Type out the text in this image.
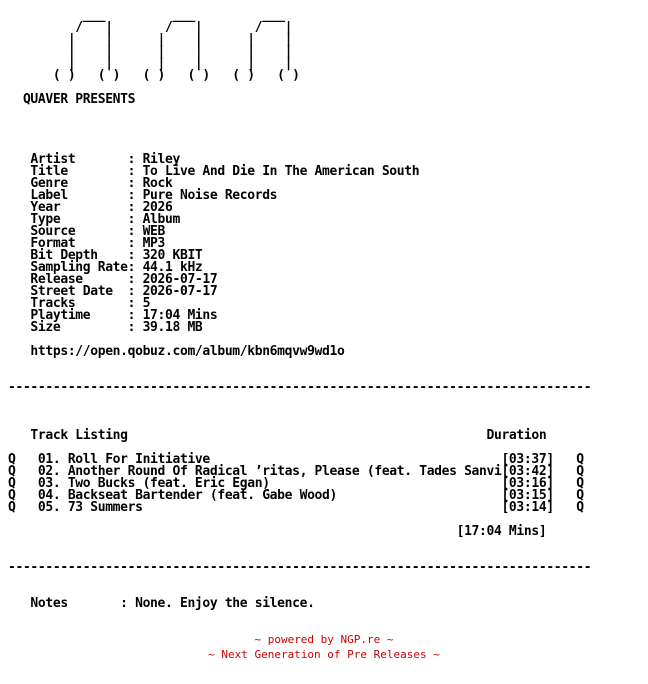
___         ___         ___
/   |       /   |       /   |
|    |      |    |      |    |
|    |      |    |      |    |
|    |      |    |      |    |
( )   ( )   ( )   ( )   ( )   ( )
QUAVER PRESENTS
Artist       : Riley
Title        : To Live And Die In The American South
Genre        : Rock
Label        : Pure Noise Records
Year         : 2026
Type         : Album
Source       : WEB
Format       : MP3
Bit Depth    : 320 KBIT
Sampling Rate: 44.1 kHz
Release      : 2026-07-17
Street Date  : 2026-07-17
Tracks       : 5
Playtime     : 17:04 Mins
Size         : 39.18 MB
https://open.qobuz.com/album/kbn6mqvw9wd1o
------------------------------------------------------------------------------
Track Listing                                                Duration
Q   01. Roll For Initiative                                       [03:37]   Q
Q   02. Another Round Of Radical ’ritas, Please (feat. Tades Sanvi[03:42]   Q
Q   03. Two Bucks (feat. Eric Egan)                               [03:16]   Q
Q   04. Backseat Bartender (feat. Gabe Wood)                      [03:15]   Q
Q   05. 73 Summers                                                [03:14]   Q
[17:04 Mins]
------------------------------------------------------------------------------
Notes       : None. Enjoy the silence.
~ powered by NGP.re ~
~ Next Generation of Pre Releases ~
